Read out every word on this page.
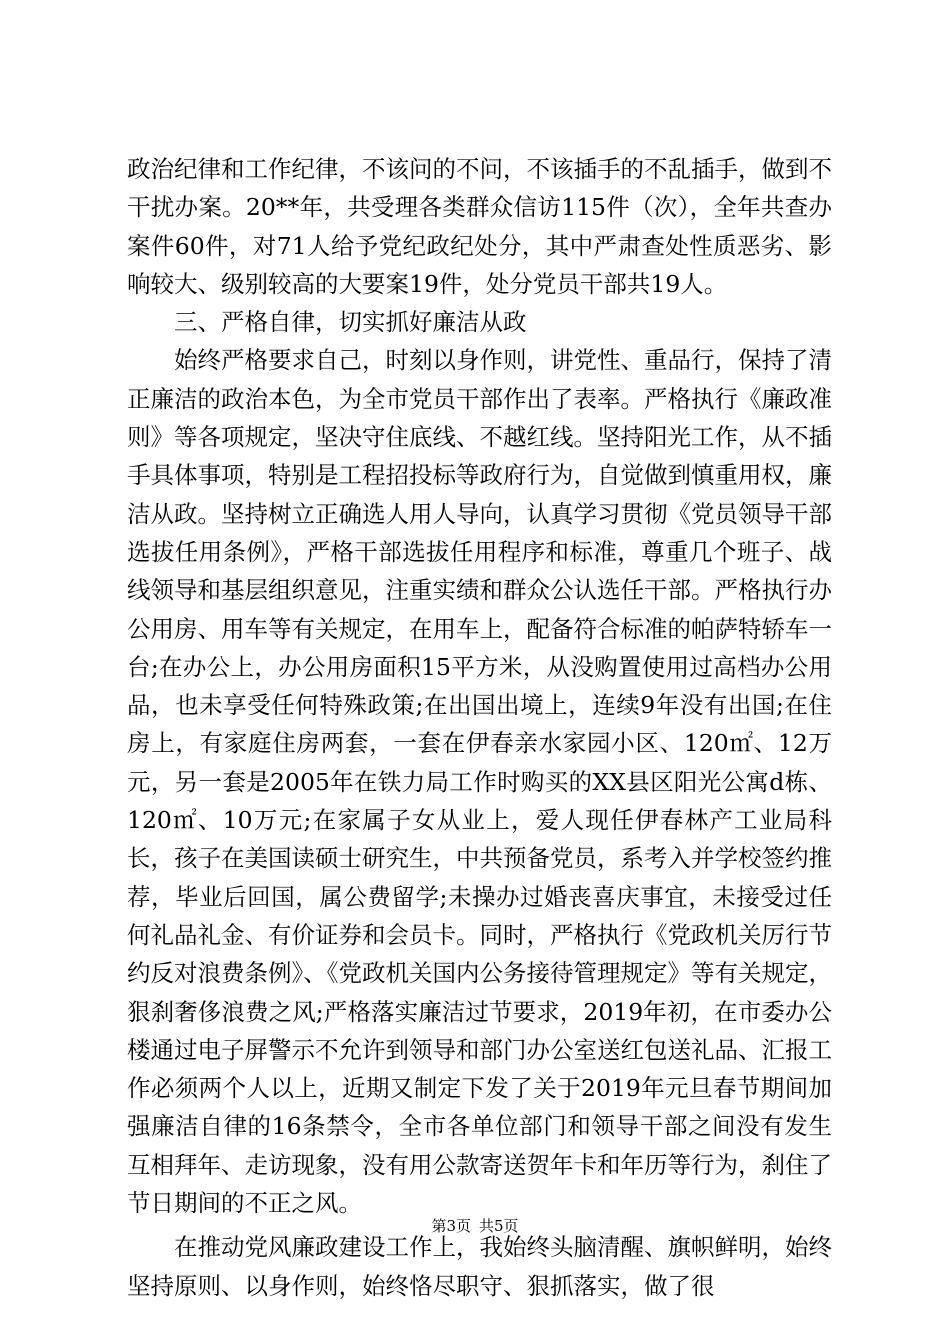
政治纪律和工作纪律，不该问的不问，不该插手的不乱插手，做到不干扰办案。20**年，共受理各类群众信访115件（次），全年共查办案件60件，对71人给予党纪政纪处分，其中严肃查处性质恶劣、影响较大、级别较高的大要案19件，处分党员干部共19人。

三、严格自律，切实抓好廉洁从政

始终严格要求自己，时刻以身作则，讲党性、重品行，保持了清正廉洁的政治本色，为全市党员干部作出了表率。严格执行《廉政准则》等各项规定，坚决守住底线、不越红线。坚持阳光工作，从不插手具体事项，特别是工程招投标等政府行为，自觉做到慎重用权，廉洁从政。坚持树立正确选人用人导向，认真学习贯彻《党员领导干部选拔任用条例》，严格干部选拔任用程序和标准，尊重几个班子、战线领导和基层组织意见，注重实绩和群众公认选任干部。严格执行办公用房、用车等有关规定，在用车上，配备符合标准的帕萨特轿车一台;在办公上，办公用房面积15平方米，从没购置使用过高档办公用品，也未享受任何特殊政策;在出国出境上，连续9年没有出国;在住房上，有家庭住房两套，一套在伊春亲水家园小区、120㎡、12万元，另一套是2005年在铁力局工作时购买的XX县区阳光公寓d栋、120㎡、10万元;在家属子女从业上，爱人现任伊春林产工业局科长，孩子在美国读硕士研究生，中共预备党员，系考入并学校签约推荐，毕业后回国，属公费留学;未操办过婚丧喜庆事宜，未接受过任何礼品礼金、有价证券和会员卡。同时，严格执行《党政机关厉行节约反对浪费条例》、《党政机关国内公务接待管理规定》等有关规定，狠刹奢侈浪费之风;严格落实廉洁过节要求，2019年初，在市委办公楼通过电子屏警示不允许到领导和部门办公室送红包送礼品、汇报工作必须两个人以上，近期又制定下发了关于2019年元旦春节期间加强廉洁自律的16条禁令，全市各单位部门和领导干部之间没有发生互相拜年、走访现象，没有用公款寄送贺年卡和年历等行为，刹住了节日期间的不正之风。

在推动党风廉政建设工作上，我始终头脑清醒、旗帜鲜明，始终坚持原则、以身作则，始终恪尽职守、狠抓落实，做了很

第3页 共5页
